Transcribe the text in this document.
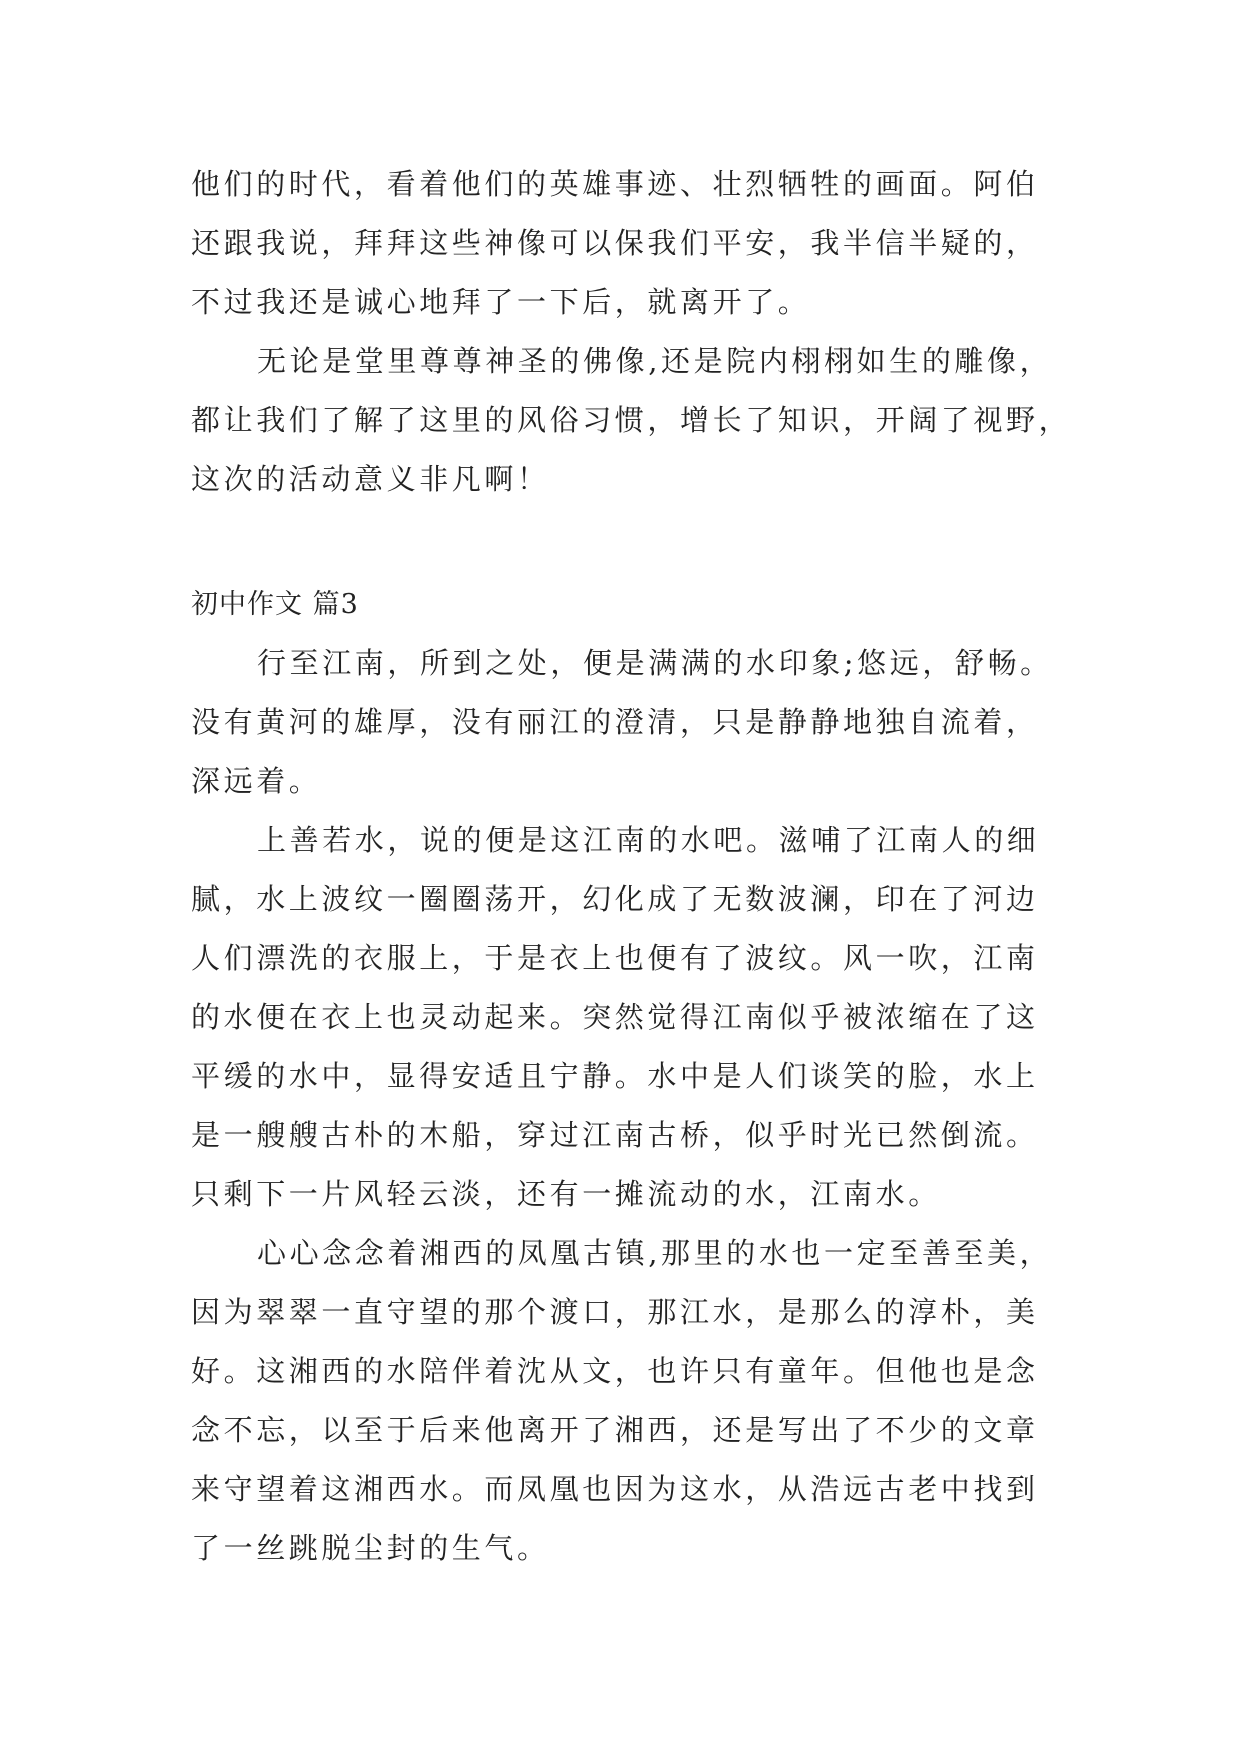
他们的时代，看着他们的英雄事迹、壮烈牺牲的画面。阿伯
还跟我说，拜拜这些神像可以保我们平安，我半信半疑的，
不过我还是诚心地拜了一下后，就离开了。
无论是堂里尊尊神圣的佛像,还是院内栩栩如生的雕像，
都让我们了解了这里的风俗习惯，增长了知识，开阔了视野，
这次的活动意义非凡啊！
初中作文 篇3
行至江南，所到之处，便是满满的水印象;悠远，舒畅。
没有黄河的雄厚，没有丽江的澄清，只是静静地独自流着，
深远着。
上善若水，说的便是这江南的水吧。滋哺了江南人的细
腻，水上波纹一圈圈荡开，幻化成了无数波澜，印在了河边
人们漂洗的衣服上，于是衣上也便有了波纹。风一吹，江南
的水便在衣上也灵动起来。突然觉得江南似乎被浓缩在了这
平缓的水中，显得安适且宁静。水中是人们谈笑的脸，水上
是一艘艘古朴的木船，穿过江南古桥，似乎时光已然倒流。
只剩下一片风轻云淡，还有一摊流动的水，江南水。
心心念念着湘西的凤凰古镇,那里的水也一定至善至美，
因为翠翠一直守望的那个渡口，那江水，是那么的淳朴，美
好。这湘西的水陪伴着沈从文，也许只有童年。但他也是念
念不忘，以至于后来他离开了湘西，还是写出了不少的文章
来守望着这湘西水。而凤凰也因为这水，从浩远古老中找到
了一丝跳脱尘封的生气。
